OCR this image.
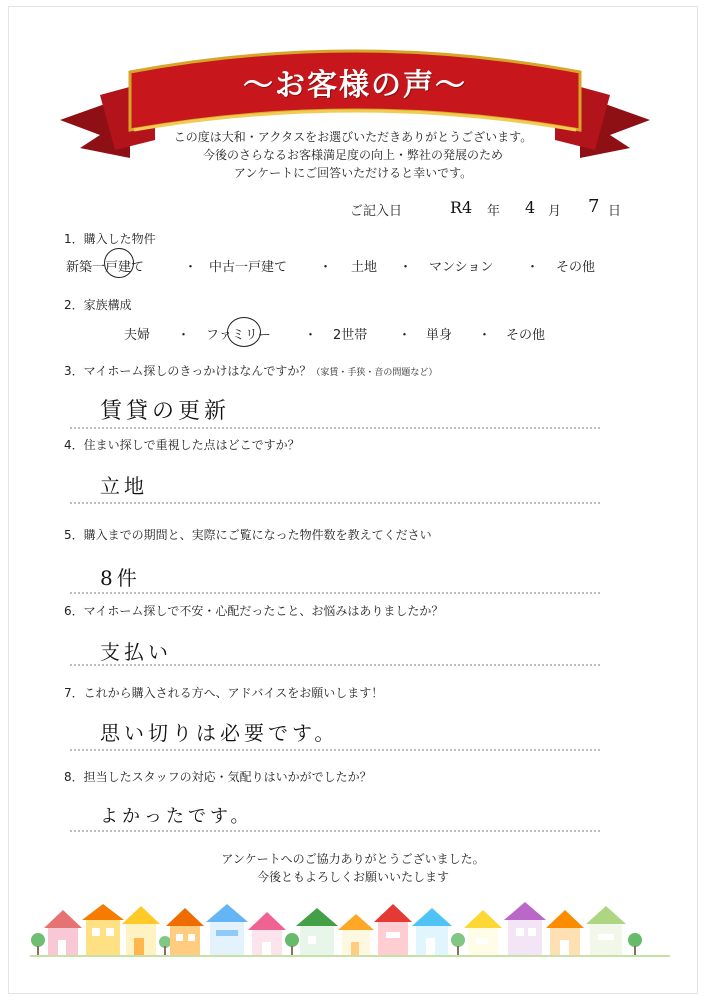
〜お客様の声〜
この度は大和・アクタスをお選びいただきありがとうございます。
今後のさらなるお客様満足度の向上・弊社の発展のため
アンケートにご回答いただけると幸いです。
ご記入日	R4 年 4 月 7 日
1．購入した物件
新築一戸建て	・ 中古一戸建て ・ 土地 ・ マンション	・ その他
2．家族構成
夫婦 ・ ファミリー	・ 2世帯 ・ 単身 ・ その他
3．マイホーム探しのきっかけはなんですか？（家賃・手狭・音の問題など）
賃貸の更新
4．住まい探しで重視した点はどこですか？
立地
5．購入までの期間と、実際にご覧になった物件数を教えてください
8件
6．マイホーム探しで不安・心配だったこと、お悩みはありましたか？
支払い
7．これから購入される方へ、アドバイスをお願いします！
思い切りは必要です。
8．担当したスタッフの対応・気配りはいかがでしたか？
よかったです。
アンケートへのご協力ありがとうございました。
今後ともよろしくお願いいたします
